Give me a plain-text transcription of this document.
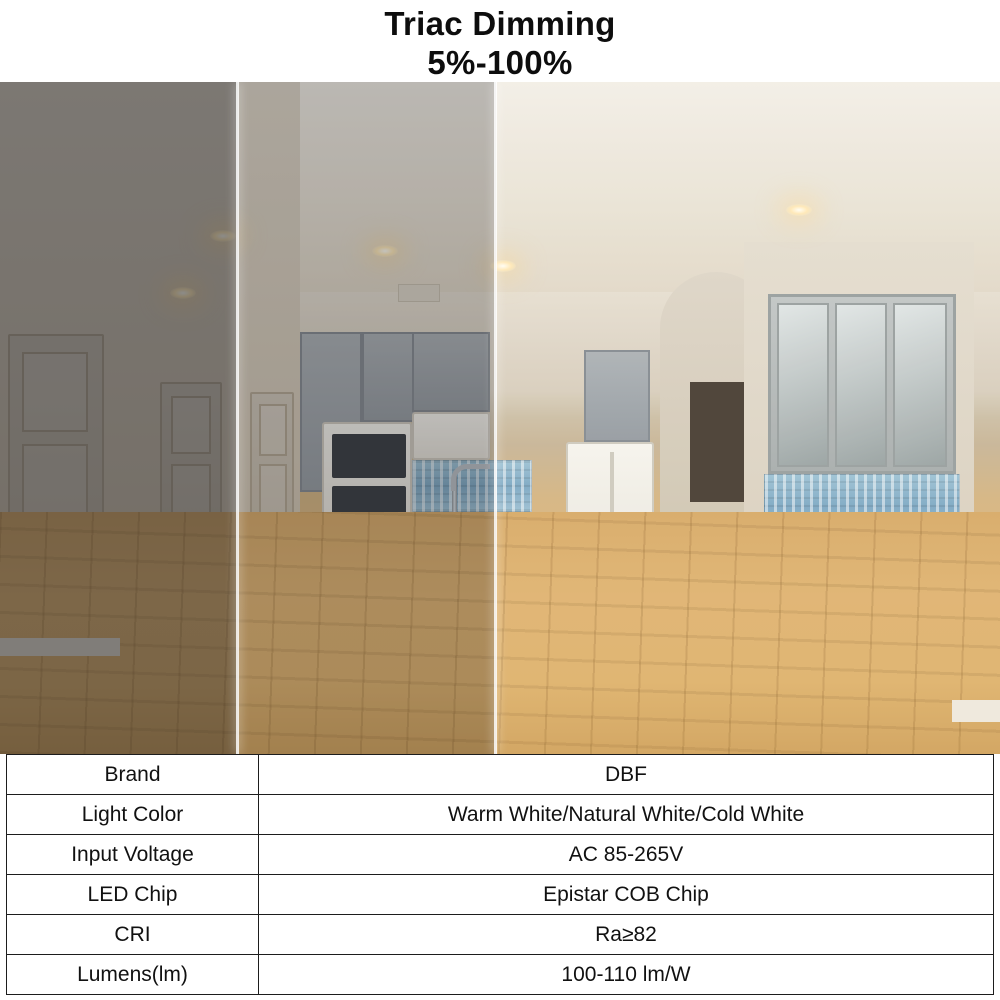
Triac Dimming
5%-100%
Brand	DBF
Light Color	Warm White/Natural White/Cold White
Input Voltage	AC 85-265V
LED Chip	Epistar COB Chip
CRI	Ra≥82
Lumens(lm)	100-110 lm/W
